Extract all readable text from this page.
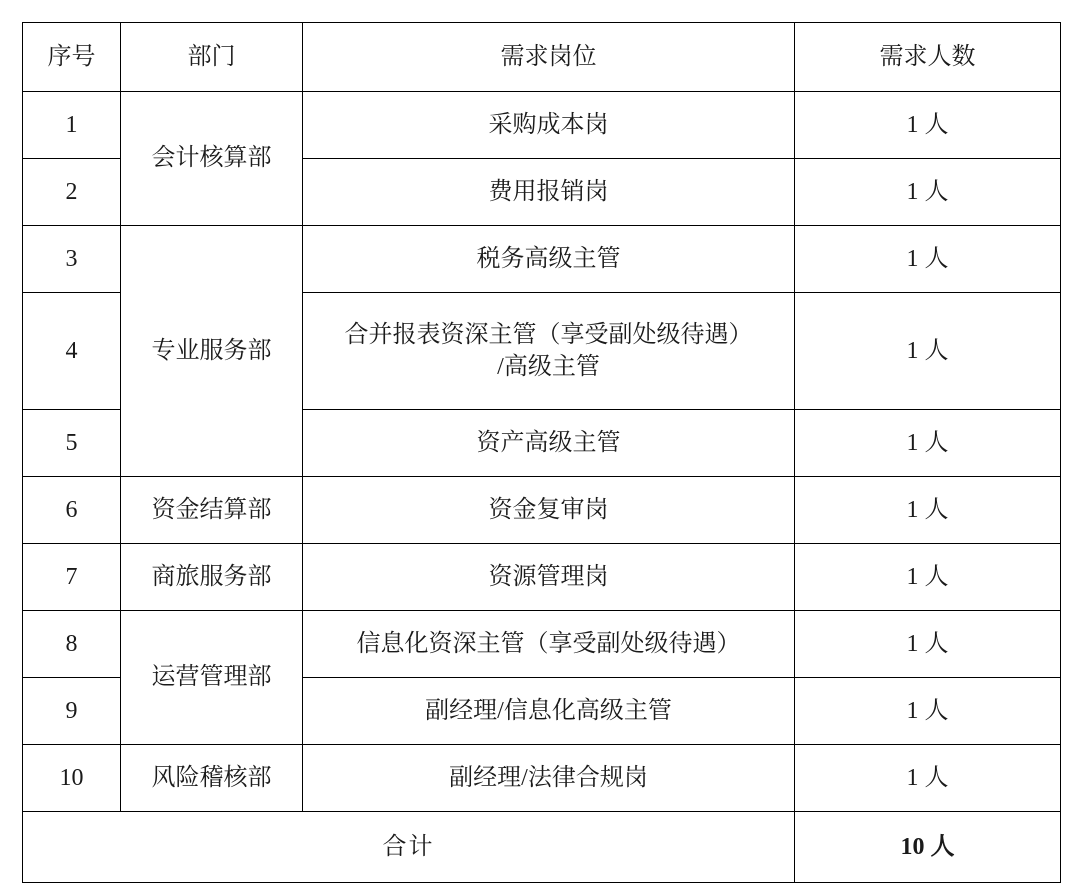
序号	部门	需求岗位	需求人数
1	会计核算部	采购成本岗	1 人
2		费用报销岗	1 人
3	专业服务部	税务高级主管	1 人
4		合并报表资深主管（享受副处级待遇）
/高级主管	1 人
5		资产高级主管	1 人
6	资金结算部	资金复审岗	1 人
7	商旅服务部	资源管理岗	1 人
8	运营管理部	信息化资深主管（享受副处级待遇）	1 人
9		副经理/信息化高级主管	1 人
10	风险稽核部	副经理/法律合规岗	1 人
合计			10 人
